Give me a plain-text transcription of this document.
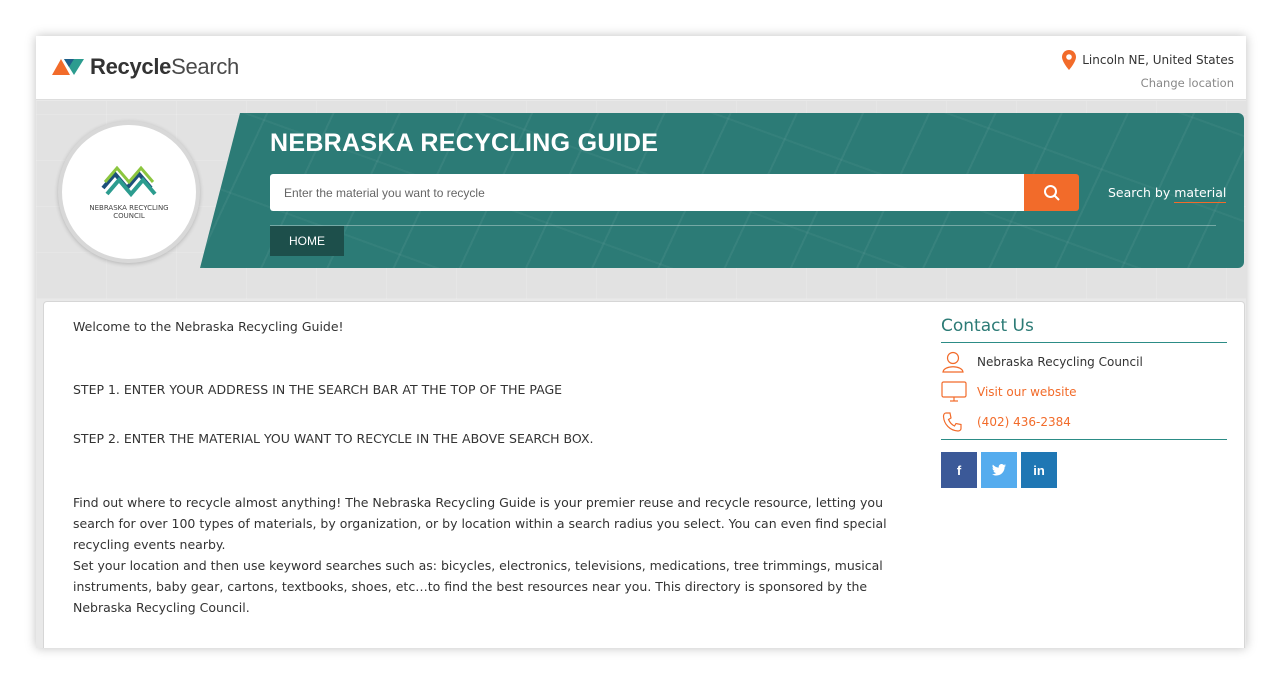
RecycleSearch	Lincoln NE, United States
Change location
NEBRASKA RECYCLING COUNCIL
NEBRASKA RECYCLING GUIDE
Enter the material you want to recycle
Search by material
HOME

Welcome to the Nebraska Recycling Guide!

STEP 1. ENTER YOUR ADDRESS IN THE SEARCH BAR AT THE TOP OF THE PAGE

STEP 2. ENTER THE MATERIAL YOU WANT TO RECYCLE IN THE ABOVE SEARCH BOX.

Find out where to recycle almost anything! The Nebraska Recycling Guide is your premier reuse and recycle resource, letting you search for over 100 types of materials, by organization, or by location within a search radius you select. You can even find special recycling events nearby.

Set your location and then use keyword searches such as: bicycles, electronics, televisions, medications, tree trimmings, musical instruments, baby gear, cartons, textbooks, shoes, etc…to find the best resources near you. This directory is sponsored by the Nebraska Recycling Council.

Contact Us
Nebraska Recycling Council
Visit our website
(402) 436-2384
f	in
